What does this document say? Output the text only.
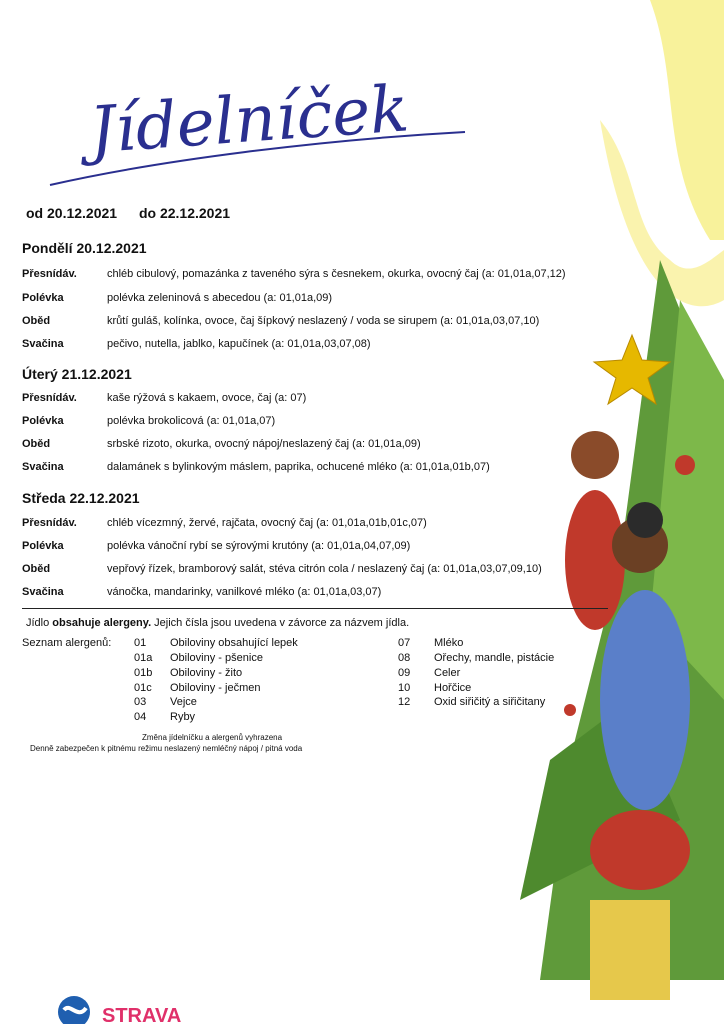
Jídelníček
od 20.12.2021 do 22.12.2021
Pondělí 20.12.2021
Přesnídáv.	chléb cibulový, pomazánka z taveného sýra s česnekem, okurka, ovocný čaj (a: 01,01a,07,12)
Polévka	polévka zeleninová s abecedou (a: 01,01a,09)
Oběd	krůtí guláš, kolínka, ovoce, čaj šípkový neslazený / voda se sirupem (a: 01,01a,03,07,10)
Svačina	pečivo, nutella, jablko, kapučínek (a: 01,01a,03,07,08)
Úterý 21.12.2021
Přesnídáv.	kaše rýžová s kakaem, ovoce, čaj (a: 07)
Polévka	polévka brokolicová (a: 01,01a,07)
Oběd	srbské rizoto, okurka, ovocný nápoj/neslazený čaj (a: 01,01a,09)
Svačina	dalamánek s bylinkovým máslem, paprika, ochucené mléko (a: 01,01a,01b,07)
Středa 22.12.2021
Přesnídáv.	chléb vícezmný, žervé, rajčata, ovocný čaj (a: 01,01a,01b,01c,07)
Polévka	polévka vánoční rybí se sýrovými krutóny (a: 01,01a,04,07,09)
Oběd	vepřový řízek, bramborový salát, stéva citrón cola / neslazený čaj (a: 01,01a,03,07,09,10)
Svačina	vánočka, mandarinky, vanilkové mléko (a: 01,01a,03,07)
Jídlo obsahuje alergeny. Jejich čísla jsou uvedena v závorce za názvem jídla.
Seznam alergenů: 01 Obiloviny obsahující lepek
01a Obiloviny - pšenice
01b Obiloviny - žito
01c Obiloviny - ječmen
03 Vejce
04 Ryby
07 Mléko
08 Ořechy, mandle, pistácie
09 Celer
10 Hořčice
12 Oxid siřičitý a siřičitany
Změna jídelníčku a alergenů vyhrazena
Denně zabezpečen k pitnému režimu neslazený nemléčný nápoj / pitná voda
STRAVA
